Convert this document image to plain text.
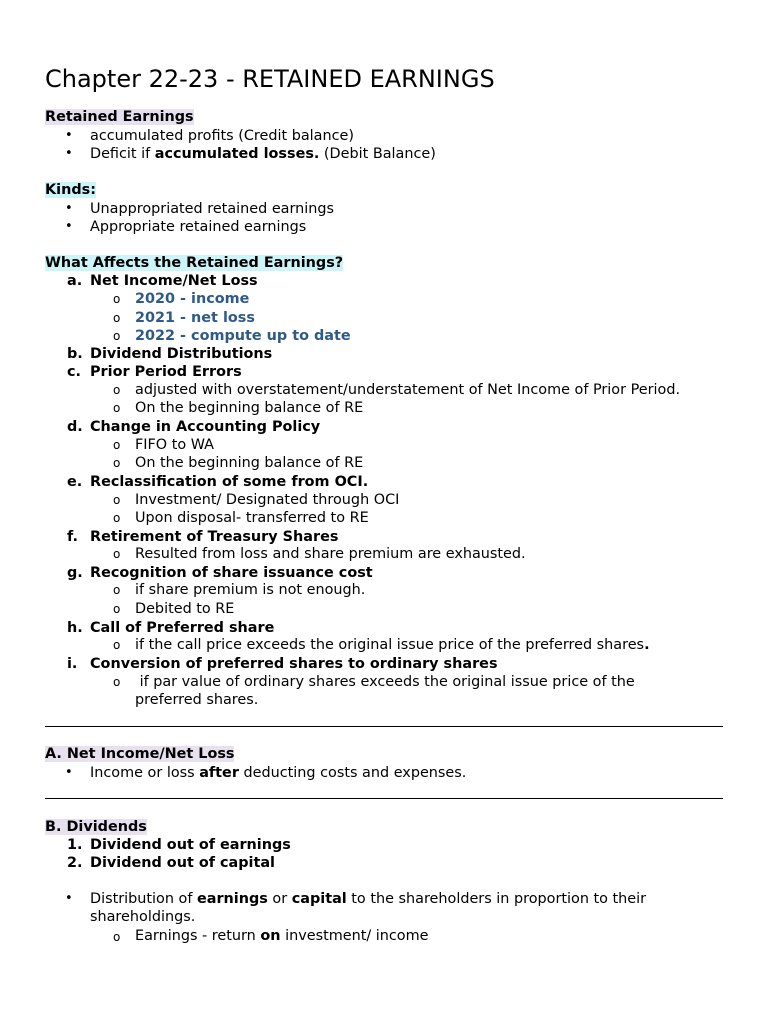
Chapter 22-23 - RETAINED EARNINGS
Retained Earnings
• accumulated profits (Credit balance)
• Deficit if accumulated losses. (Debit Balance)
Kinds:
• Unappropriated retained earnings
• Appropriate retained earnings
What Affects the Retained Earnings?
a. Net Income/Net Loss
o 2020 - income
o 2021 - net loss
o 2022 - compute up to date
b. Dividend Distributions
c. Prior Period Errors
o adjusted with overstatement/understatement of Net Income of Prior Period.
o On the beginning balance of RE
d. Change in Accounting Policy
o FIFO to WA
o On the beginning balance of RE
e. Reclassification of some from OCI.
o Investment/ Designated through OCI
o Upon disposal- transferred to RE
f. Retirement of Treasury Shares
o Resulted from loss and share premium are exhausted.
g. Recognition of share issuance cost
o if share premium is not enough.
o Debited to RE
h. Call of Preferred share
o if the call price exceeds the original issue price of the preferred shares.
i. Conversion of preferred shares to ordinary shares
o if par value of ordinary shares exceeds the original issue price of the
preferred shares.
A. Net Income/Net Loss
• Income or loss after deducting costs and expenses.
B. Dividends
1. Dividend out of earnings
2. Dividend out of capital
• Distribution of earnings or capital to the shareholders in proportion to their
shareholdings.
o Earnings - return on investment/ income
